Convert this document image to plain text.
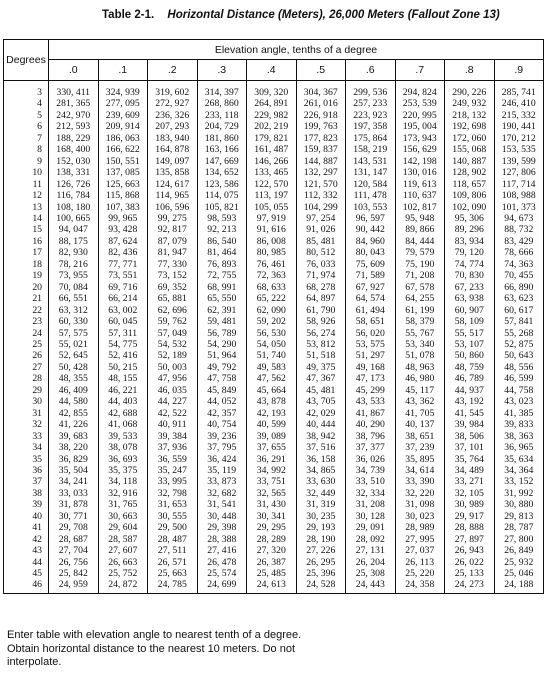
Table 2-1. Horizontal Distance (Meters), 26,000 Meters (Fallout Zone 13)
Degrees	Elevation angle, tenths of a degree									
	.0	.1	.2	.3	.4	.5	.6	.7	.8	.9
3	330, 411	324, 939	319, 602	314, 397	309, 320	304, 367	299, 536	294, 824	290, 226	285, 741
4	281, 365	277, 095	272, 927	268, 860	264, 891	261, 016	257, 233	253, 539	249, 932	246, 410
5	242, 970	239, 609	236, 326	233, 118	229, 982	226, 918	223, 923	220, 995	218, 132	215, 332
6	212, 593	209, 914	207, 293	204, 729	202, 219	199, 763	197, 358	195, 004	192, 698	190, 441
7	188, 229	186, 063	183, 940	181, 860	179, 821	177, 823	175, 864	173, 943	172, 060	170, 212
8	168, 400	166, 622	164, 878	163, 166	161, 487	159, 837	158, 219	156, 629	155, 068	153, 535
9	152, 030	150, 551	149, 097	147, 669	146, 266	144, 887	143, 531	142, 198	140, 887	139, 599
10	138, 331	137, 085	135, 858	134, 652	133, 465	132, 297	131, 147	130, 016	128, 902	127, 806
11	126, 726	125, 663	124, 617	123, 586	122, 570	121, 570	120, 584	119, 613	118, 657	117, 714
12	116, 784	115, 868	114, 965	114, 075	113, 197	112, 332	111, 478	110, 637	109, 806	108, 988
13	108, 180	107, 383	106, 596	105, 821	105, 055	104, 299	103, 553	102, 817	102, 090	101, 373
14	100, 665	99, 965	99, 275	98, 593	97, 919	97, 254	96, 597	95, 948	95, 306	94, 673
15	94, 047	93, 428	92, 817	92, 213	91, 616	91, 026	90, 442	89, 866	89, 296	88, 732
16	88, 175	87, 624	87, 079	86, 540	86, 008	85, 481	84, 960	84, 444	83, 934	83, 429
17	82, 930	82, 436	81, 947	81, 464	80, 985	80, 512	80, 043	79, 579	79, 120	78, 666
18	78, 216	77, 771	77, 330	76, 893	76, 461	76, 033	75, 609	75, 190	74, 774	74, 363
19	73, 955	73, 551	73, 152	72, 755	72, 363	71, 974	71, 589	71, 208	70, 830	70, 455
20	70, 084	69, 716	69, 352	68, 991	68, 633	68, 278	67, 927	67, 578	67, 233	66, 890
21	66, 551	66, 214	65, 881	65, 550	65, 222	64, 897	64, 574	64, 255	63, 938	63, 623
22	63, 312	63, 002	62, 696	62, 391	62, 090	61, 790	61, 494	61, 199	60, 907	60, 617
23	60, 330	60, 045	59, 762	59, 481	59, 202	58, 926	58, 651	58, 379	58, 109	57, 841
24	57, 575	57, 311	57, 049	56, 789	56, 530	56, 274	56, 020	55, 767	55, 517	55, 268
25	55, 021	54, 775	54, 532	54, 290	54, 050	53, 812	53, 575	53, 340	53, 107	52, 875
26	52, 645	52, 416	52, 189	51, 964	51, 740	51, 518	51, 297	51, 078	50, 860	50, 643
27	50, 428	50, 215	50, 003	49, 792	49, 583	49, 375	49, 168	48, 963	48, 759	48, 556
28	48, 355	48, 155	47, 956	47, 758	47, 562	47, 367	47, 173	46, 980	46, 789	46, 599
29	46, 409	46, 221	46, 035	45, 849	45, 664	45, 481	45, 299	45, 117	44, 937	44, 758
30	44, 580	44, 403	44, 227	44, 052	43, 878	43, 705	43, 533	43, 362	43, 192	43, 023
31	42, 855	42, 688	42, 522	42, 357	42, 193	42, 029	41, 867	41, 705	41, 545	41, 385
32	41, 226	41, 068	40, 911	40, 754	40, 599	40, 444	40, 290	40, 137	39, 984	39, 833
33	39, 683	39, 533	39, 384	39, 236	39, 089	38, 942	38, 796	38, 651	38, 506	38, 363
34	38, 220	38, 078	37, 936	37, 795	37, 655	37, 516	37, 377	37, 239	37, 101	36, 965
35	36, 829	36, 693	36, 559	36, 424	36, 291	36, 158	36, 026	35, 895	35, 764	35, 634
36	35, 504	35, 375	35, 247	35, 119	34, 992	34, 865	34, 739	34, 614	34, 489	34, 364
37	34, 241	34, 118	33, 995	33, 873	33, 751	33, 630	33, 510	33, 390	33, 271	33, 152
38	33, 033	32, 916	32, 798	32, 682	32, 565	32, 449	32, 334	32, 220	32, 105	31, 992
39	31, 878	31, 765	31, 653	31, 541	31, 430	31, 319	31, 208	31, 098	30, 989	30, 880
40	30, 771	30, 663	30, 555	30, 448	30, 341	30, 235	30, 128	30, 023	29, 917	29, 813
41	29, 708	29, 604	29, 500	29, 398	29, 295	29, 193	29, 091	28, 989	28, 888	28, 787
42	28, 687	28, 587	28, 487	28, 388	28, 289	28, 190	28, 092	27, 995	27, 897	27, 800
43	27, 704	27, 607	27, 511	27, 416	27, 320	27, 226	27, 131	27, 037	26, 943	26, 849
44	26, 756	26, 663	26, 571	26, 478	26, 387	26, 295	26, 204	26, 113	26, 022	25, 932
45	25, 842	25, 752	25, 663	25, 574	25, 485	25, 396	25, 308	25, 220	25, 133	25, 046
46	24, 959	24, 872	24, 785	24, 699	24, 613	24, 528	24, 443	24, 358	24, 273	24, 188
Enter table with elevation angle to nearest tenth of a degree. Obtain horizontal distance to the nearest 10 meters. Do not interpolate.
